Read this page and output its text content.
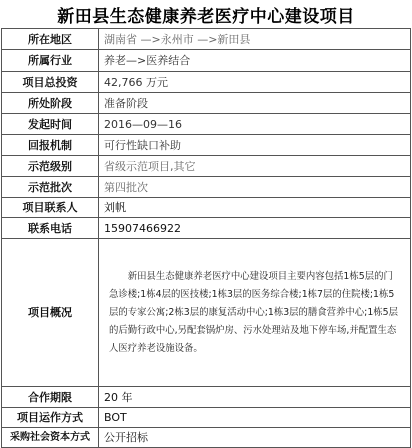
新田县生态健康养老医疗中心建设项目
所在地区	湖南省 —>永州市 —>新田县
所属行业	养老—>医养结合
项目总投资	42,766 万元
所处阶段	准备阶段
发起时间	2016—09—16
回报机制	可行性缺口补助
示范级别	省级示范项目,其它
示范批次	第四批次
项目联系人	刘帆
联系电话	15907466922
项目概况	新田县生态健康养老医疗中心建设项目主要内容包括1栋5层的门急诊楼;1栋4层的医技楼;1栋3层的医务综合楼;1栋7层的住院楼;1栋5层的专家公寓;2栋3层的康复活动中心;1栋3层的膳食营养中心;1栋5层的后勤行政中心,另配套锅炉房、污水处理站及地下停车场,并配置生态人医疗养老设施设备。
合作期限	20 年
项目运作方式	BOT
采购社会资本方式	公开招标
